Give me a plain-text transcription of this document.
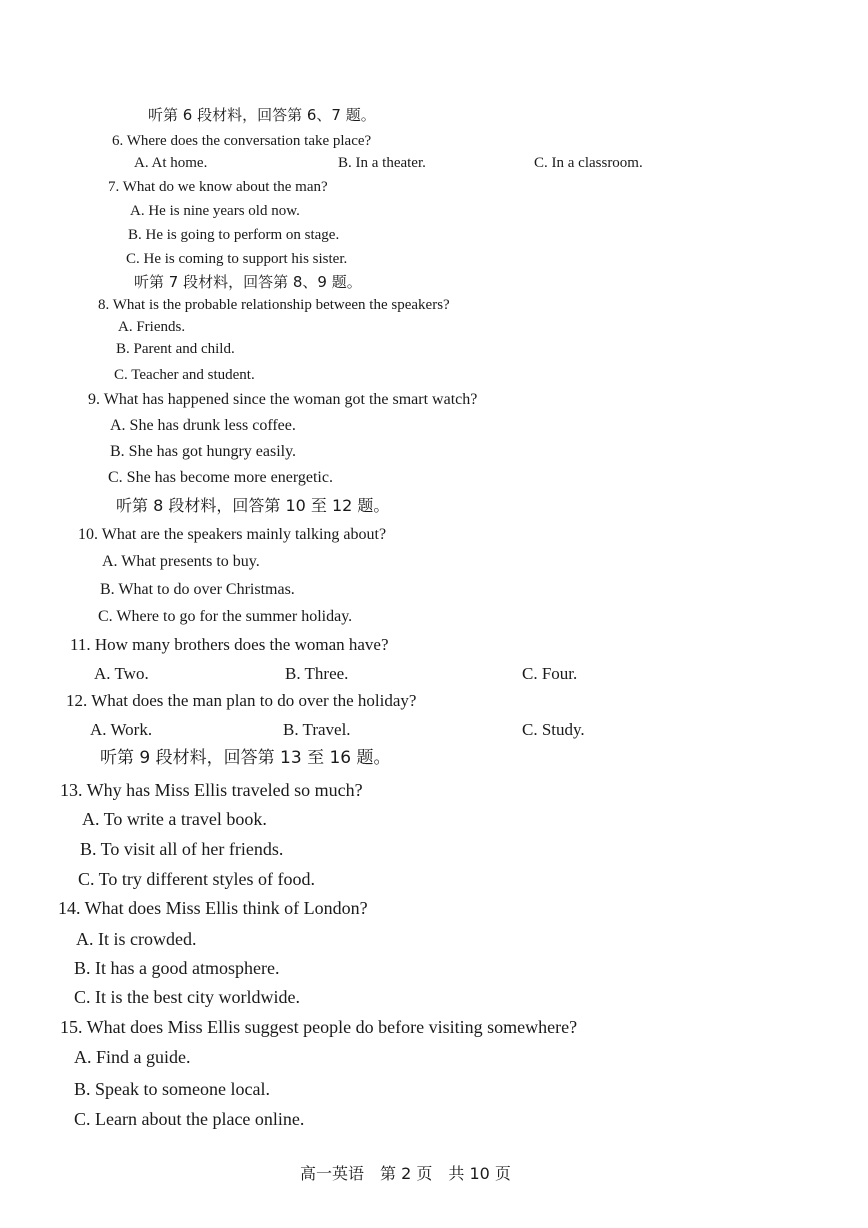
听第 6 段材料，回答第 6、7 题。
6. Where does the conversation take place?
A. At home.	B. In a theater.	C. In a classroom.
7. What do we know about the man?
A. He is nine years old now.
B. He is going to perform on stage.
C. He is coming to support his sister.
听第 7 段材料，回答第 8、9 题。
8. What is the probable relationship between the speakers?
A. Friends.
B. Parent and child.
C. Teacher and student.
9. What has happened since the woman got the smart watch?
A. She has drunk less coffee.
B. She has got hungry easily.
C. She has become more energetic.
听第 8 段材料，回答第 10 至 12 题。
10. What are the speakers mainly talking about?
A. What presents to buy.
B. What to do over Christmas.
C. Where to go for the summer holiday.
11. How many brothers does the woman have?
A. Two.	B. Three.	C. Four.
12. What does the man plan to do over the holiday?
A. Work.	B. Travel.	C. Study.
听第 9 段材料，回答第 13 至 16 题。
13. Why has Miss Ellis traveled so much?
A. To write a travel book.
B. To visit all of her friends.
C. To try different styles of food.
14. What does Miss Ellis think of London?
A. It is crowded.
B. It has a good atmosphere.
C. It is the best city worldwide.
15. What does Miss Ellis suggest people do before visiting somewhere?
A. Find a guide.
B. Speak to someone local.
C. Learn about the place online.
高一英语　第 2 页　共 10 页
